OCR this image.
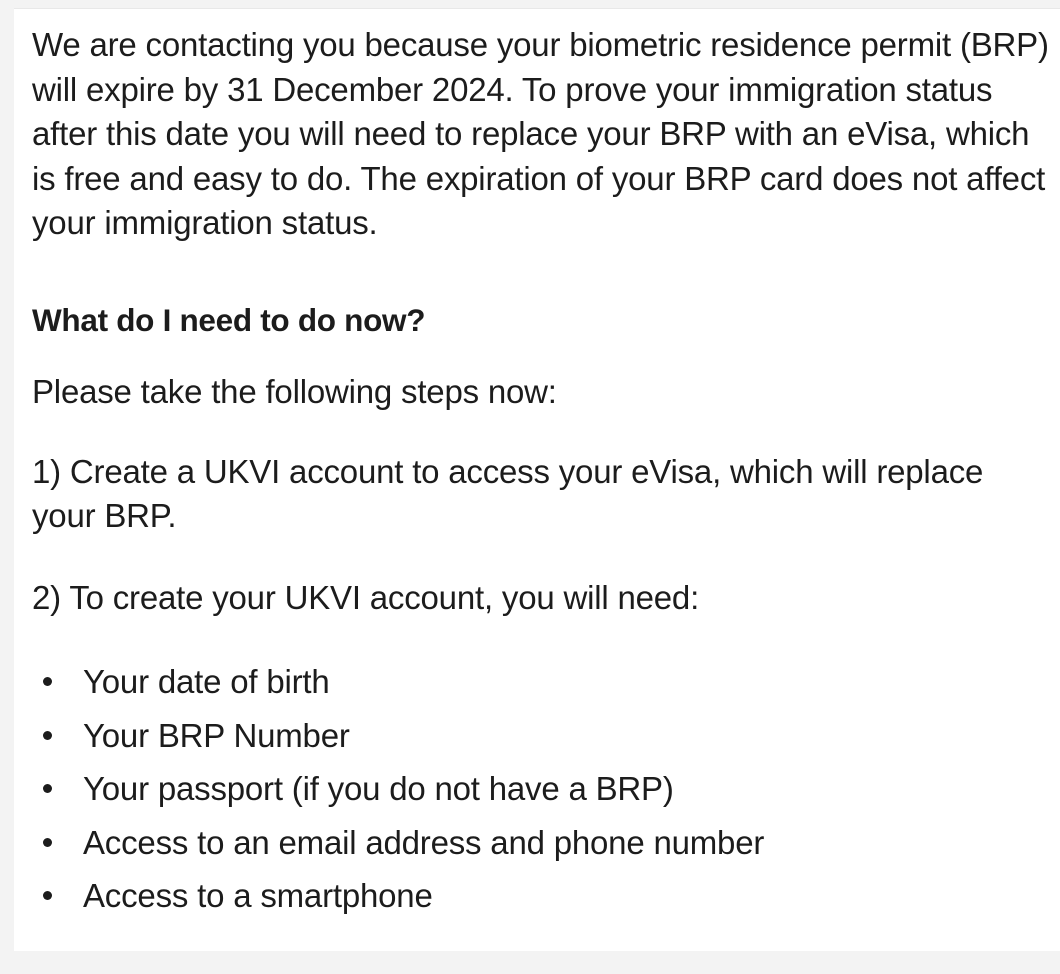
We are contacting you because your biometric residence permit (BRP) will expire by 31 December 2024. To prove your immigration status after this date you will need to replace your BRP with an eVisa, which is free and easy to do. The expiration of your BRP card does not affect your immigration status.

What do I need to do now?

Please take the following steps now:

1) Create a UKVI account to access your eVisa, which will replace your BRP.

2) To create your UKVI account, you will need:

Your date of birth
Your BRP Number
Your passport (if you do not have a BRP)
Access to an email address and phone number
Access to a smartphone
